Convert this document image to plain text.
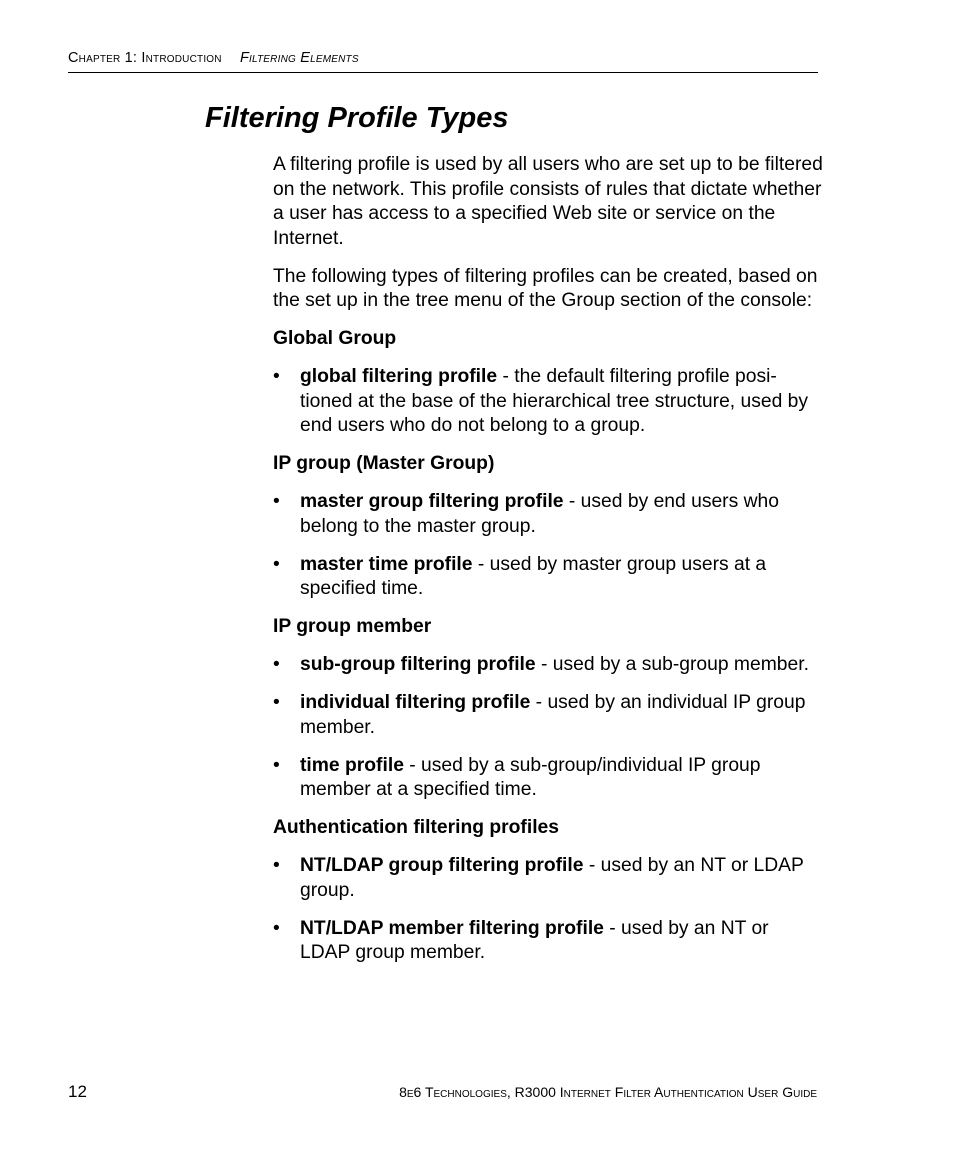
Chapter 1: Introduction Filtering Elements
Filtering Profile Types

A filtering profile is used by all users who are set up to be filtered on the network. This profile consists of rules that dictate whether a user has access to a specified Web site or service on the Internet.

The following types of filtering profiles can be created, based on the set up in the tree menu of the Group section of the console:

Global Group
• global filtering profile - the default filtering profile posi-tioned at the base of the hierarchical tree structure, used by end users who do not belong to a group.
IP group (Master Group)
• master group filtering profile - used by end users who belong to the master group.
• master time profile - used by master group users at a specified time.
IP group member
• sub-group filtering profile - used by a sub-group member.
• individual filtering profile - used by an individual IP group member.
• time profile - used by a sub-group/individual IP group member at a specified time.
Authentication filtering profiles
• NT/LDAP group filtering profile - used by an NT or LDAP group.
• NT/LDAP member filtering profile - used by an NT or LDAP group member.
12	8e6 Technologies, R3000 Internet Filter Authentication User Guide
